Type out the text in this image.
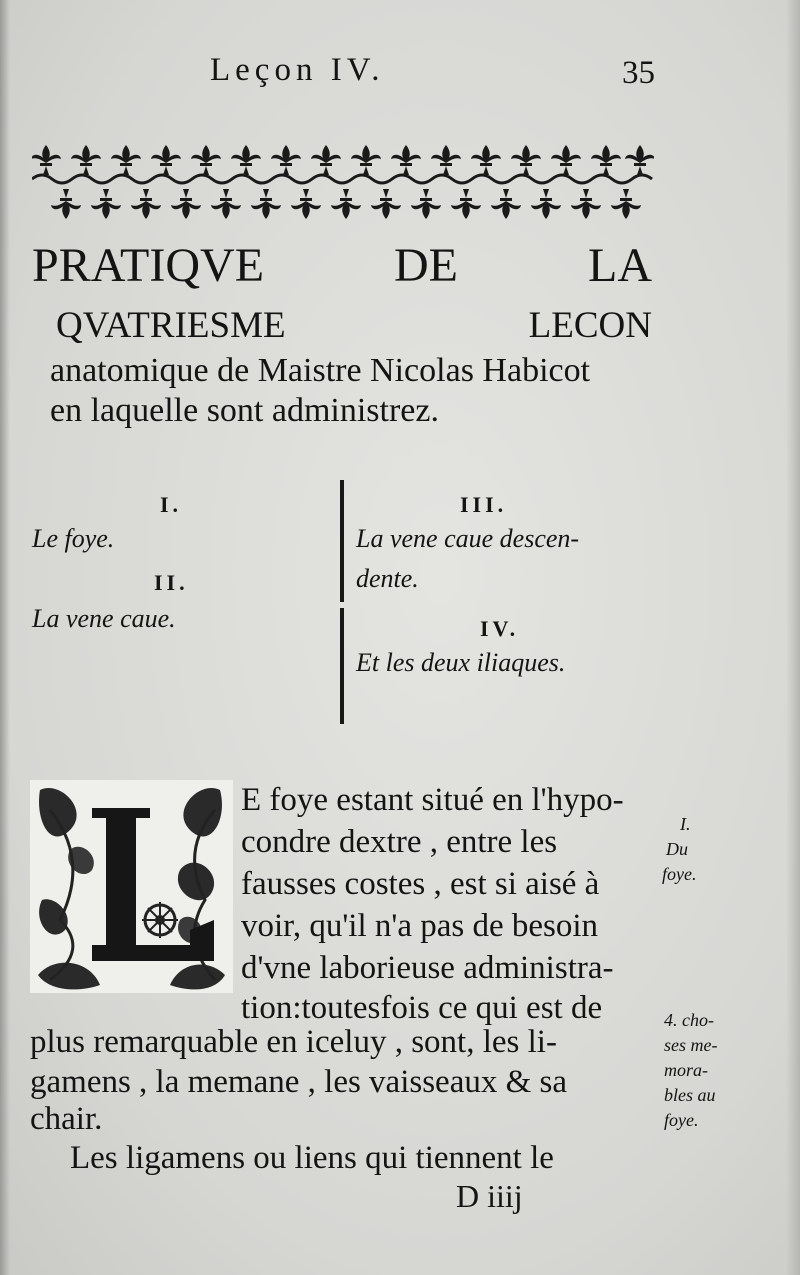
Leçon IV.	35
PRATIQVE	DE	LA
QVATRIESME	LECON
anatomique de Maistre Nicolas Habicot
en laquelle sont administrez.
I.
Le foye.
II.
La vene caue.
III.
La vene caue descen-
dente.
IV.
Et les deux iliaques.
E foye estant situé en l'hypo-
condre dextre , entre les
fausses costes , est si aisé à
voir, qu'il n'a pas de besoin
d'vne laborieuse administra-
tion:toutesfois ce qui est de
plus remarquable en iceluy , sont, les li-
gamens , la memane , les vaisseaux & sa
chair.
Les ligamens ou liens qui tiennent le
I.
Du
foye.
4. cho-
ses me-
mora-
bles au
foye.
D iiij
